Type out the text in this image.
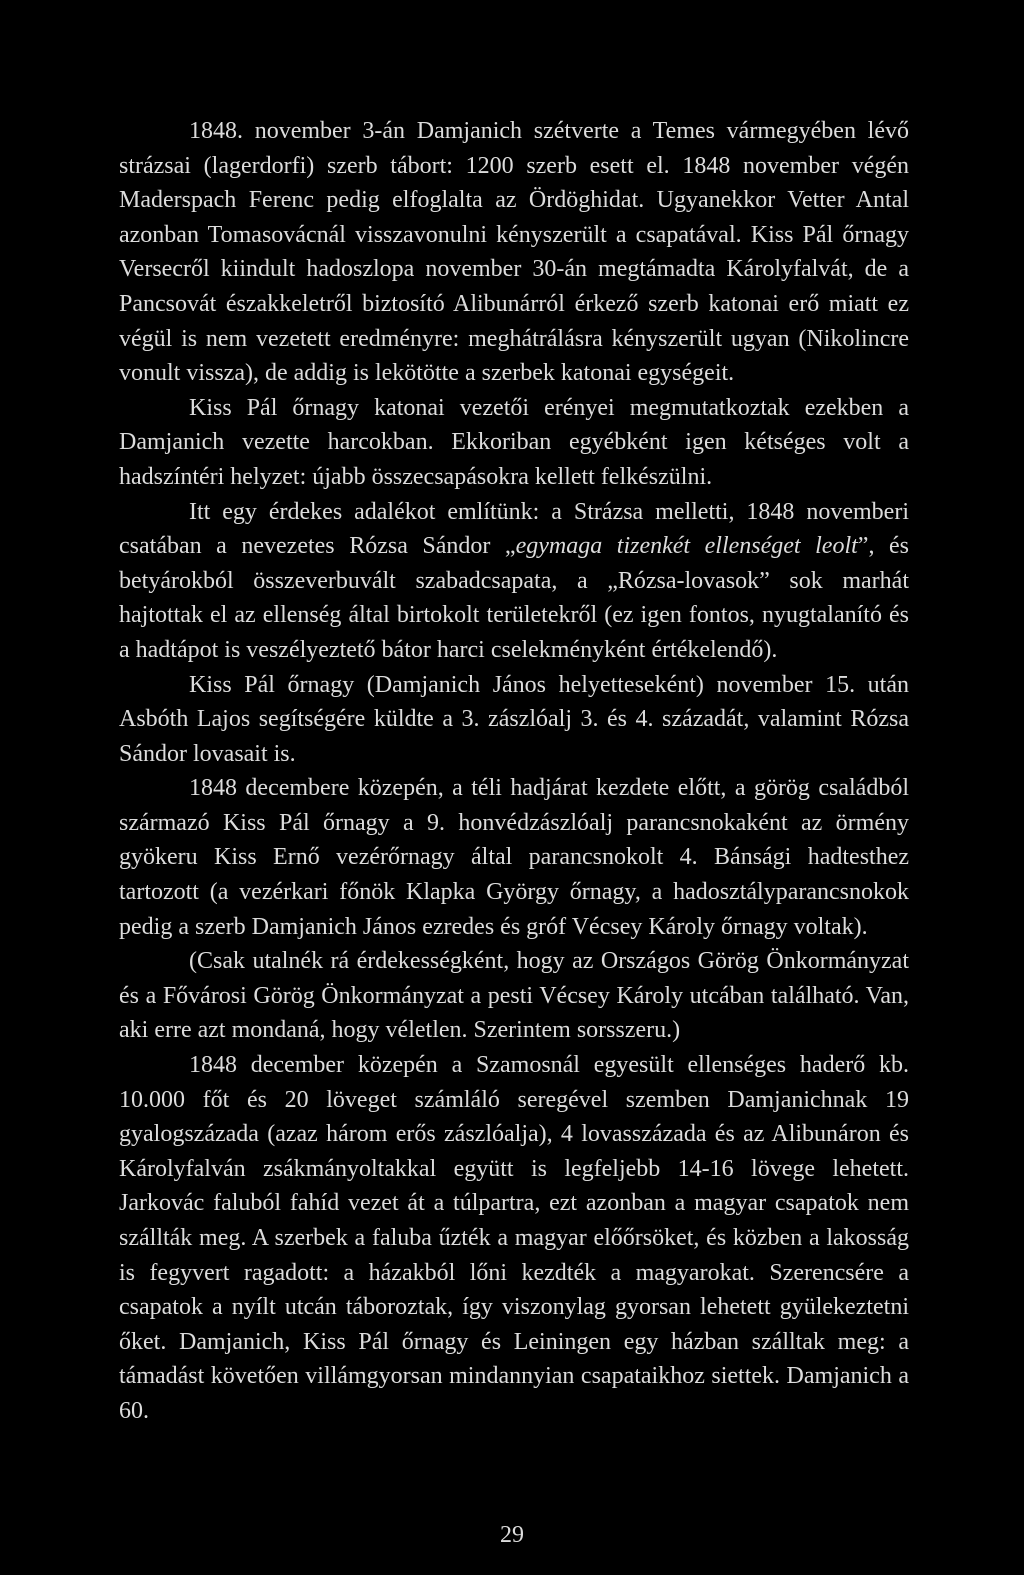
1848. november 3-án Damjanich szétverte a Temes vármegyében lévő strázsai (lagerdorfi) szerb tábort: 1200 szerb esett el. 1848 november végén Maderspach Ferenc pedig elfoglalta az Ördöghidat. Ugyanekkor Vetter Antal azonban Tomasovácnál visszavonulni kényszerült a csapatával. Kiss Pál őrnagy Versecről kiindult hadoszlopa november 30-án megtámadta Károlyfalvát, de a Pancsovát északkeletről biztosító Alibunárról érkező szerb katonai erő miatt ez végül is nem vezetett eredményre: meghátrálásra kényszerült ugyan (Nikolincre vonult vissza), de addig is lekötötte a szerbek katonai egységeit.

Kiss Pál őrnagy katonai vezetői erényei megmutatkoztak ezekben a Damjanich vezette harcokban. Ekkoriban egyébként igen kétséges volt a hadszíntéri helyzet: újabb összecsapásokra kellett felkészülni.

Itt egy érdekes adalékot említünk: a Strázsa melletti, 1848 novemberi csatában a nevezetes Rózsa Sándor „egymaga tizenkét ellenséget leolt”, és betyárokból összeverbuvált szabadcsapata, a „Rózsa-lovasok” sok marhát hajtottak el az ellenség által birtokolt területekről (ez igen fontos, nyugtalanító és a hadtápot is veszélyeztető bátor harci cselekményként értékelendő).

Kiss Pál őrnagy (Damjanich János helyetteseként) november 15. után Asbóth Lajos segítségére küldte a 3. zászlóalj 3. és 4. századát, valamint Rózsa Sándor lovasait is.

1848 decembere közepén, a téli hadjárat kezdete előtt, a görög családból származó Kiss Pál őrnagy a 9. honvédzászlóalj parancsnokaként az örmény gyökeru Kiss Ernő vezérőrnagy által parancsnokolt 4. Bánsági hadtesthez tartozott (a vezérkari főnök Klapka György őrnagy, a hadosztályparancsnokok pedig a szerb Damjanich János ezredes és gróf Vécsey Károly őrnagy voltak).

(Csak utalnék rá érdekességként, hogy az Országos Görög Önkormányzat és a Fővárosi Görög Önkormányzat a pesti Vécsey Károly utcában található. Van, aki erre azt mondaná, hogy véletlen. Szerintem sorsszeru.)

1848 december közepén a Szamosnál egyesült ellenséges haderő kb. 10.000 főt és 20 löveget számláló seregével szemben Damjanichnak 19 gyalogszázada (azaz három erős zászlóalja), 4 lovasszázada és az Alibunáron és Károlyfalván zsákmányoltakkal együtt is legfeljebb 14-16 lövege lehetett. Jarkovác faluból fahíd vezet át a túlpartra, ezt azonban a magyar csapatok nem szállták meg. A szerbek a faluba űzték a magyar előőrsöket, és közben a lakosság is fegyvert ragadott: a házakból lőni kezdték a magyarokat. Szerencsére a csapatok a nyílt utcán táboroztak, így viszonylag gyorsan lehetett gyülekeztetni őket. Damjanich, Kiss Pál őrnagy és Leiningen egy házban szálltak meg: a támadást követően villámgyorsan mindannyian csapataikhoz siettek. Damjanich a 60.

29
